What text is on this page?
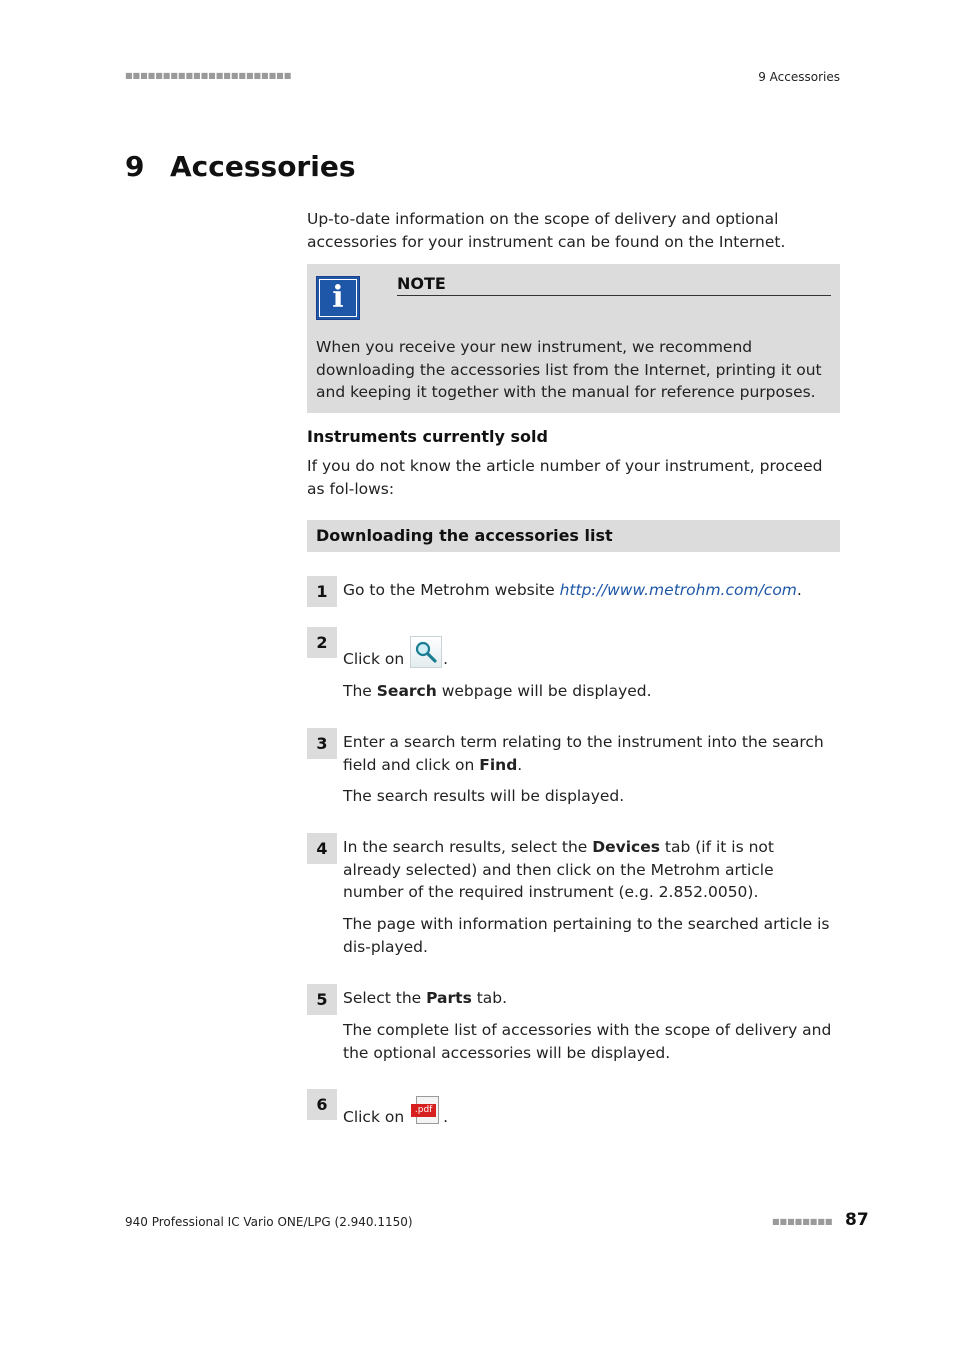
■■■■■■■■■■■■■■■■■■■■■■	9 Accessories
9 Accessories
Up-to-date information on the scope of delivery and optional accessories for your instrument can be found on the Internet.
i	NOTE
When you receive your new instrument, we recommend downloading the accessories list from the Internet, printing it out and keeping it together with the manual for reference purposes.
Instruments currently sold
If you do not know the article number of your instrument, proceed as fol-lows:
Downloading the accessories list
1 Go to the Metrohm website http://www.metrohm.com/com.
2
Click on
.
The Search webpage will be displayed.
3 Enter a search term relating to the instrument into the search field and click on Find.
The search results will be displayed.
4 In the search results, select the Devices tab (if it is not already selected) and then click on the Metrohm article number of the required instrument (e.g. 2.852.0050).
The page with information pertaining to the searched article is dis-played.
5 Select the Parts tab.
The complete list of accessories with the scope of delivery and the optional accessories will be displayed.
6
Click on .pdf .
940 Professional IC Vario ONE/LPG (2.940.1150)	■■■■■■■■ 87
